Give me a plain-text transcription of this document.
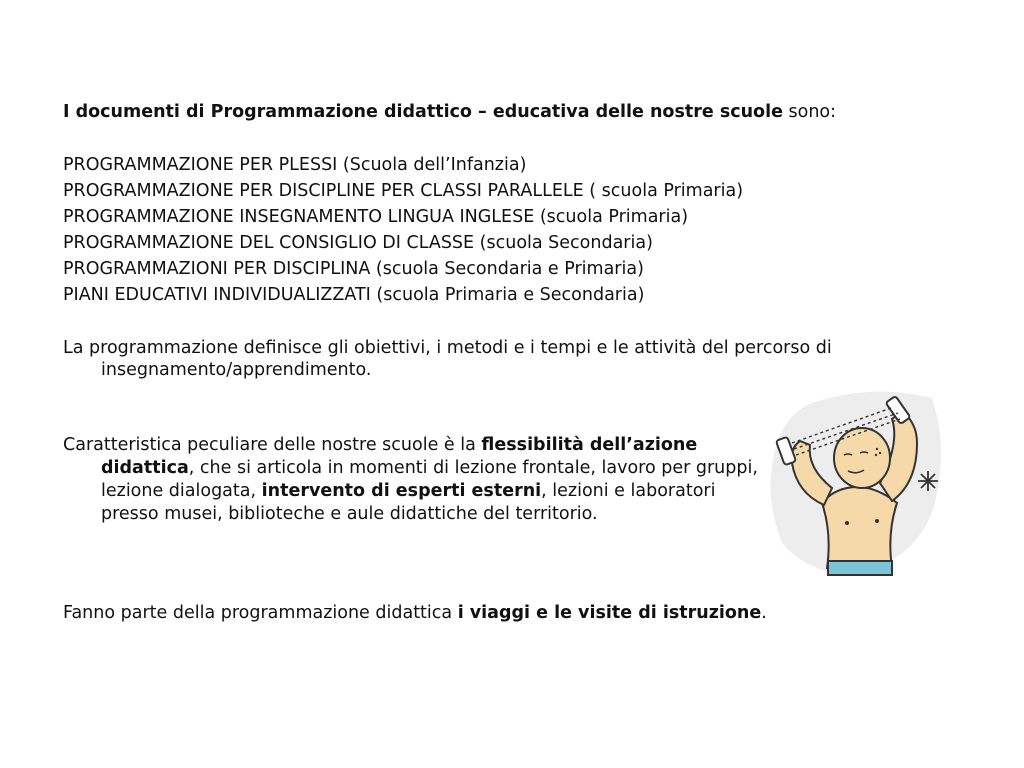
I documenti di Programmazione didattico – educativa delle nostre scuole sono:

PROGRAMMAZIONE PER PLESSI (Scuola dell’Infanzia)
PROGRAMMAZIONE PER DISCIPLINE PER CLASSI PARALLELE ( scuola Primaria)
PROGRAMMAZIONE INSEGNAMENTO LINGUA INGLESE (scuola Primaria)
PROGRAMMAZIONE DEL CONSIGLIO DI CLASSE (scuola Secondaria)
PROGRAMMAZIONI PER DISCIPLINA (scuola Secondaria e Primaria)
PIANI EDUCATIVI INDIVIDUALIZZATI (scuola Primaria e Secondaria)

La programmazione definisce gli obiettivi, i metodi e i tempi e le attività del percorso di insegnamento/apprendimento.

Caratteristica peculiare delle nostre scuole è la flessibilità dell’azione didattica, che si articola in momenti di lezione frontale, lavoro per gruppi, lezione dialogata, intervento di esperti esterni, lezioni e laboratori presso musei, biblioteche e aule didattiche del territorio.

Fanno parte della programmazione didattica i viaggi e le visite di istruzione.
